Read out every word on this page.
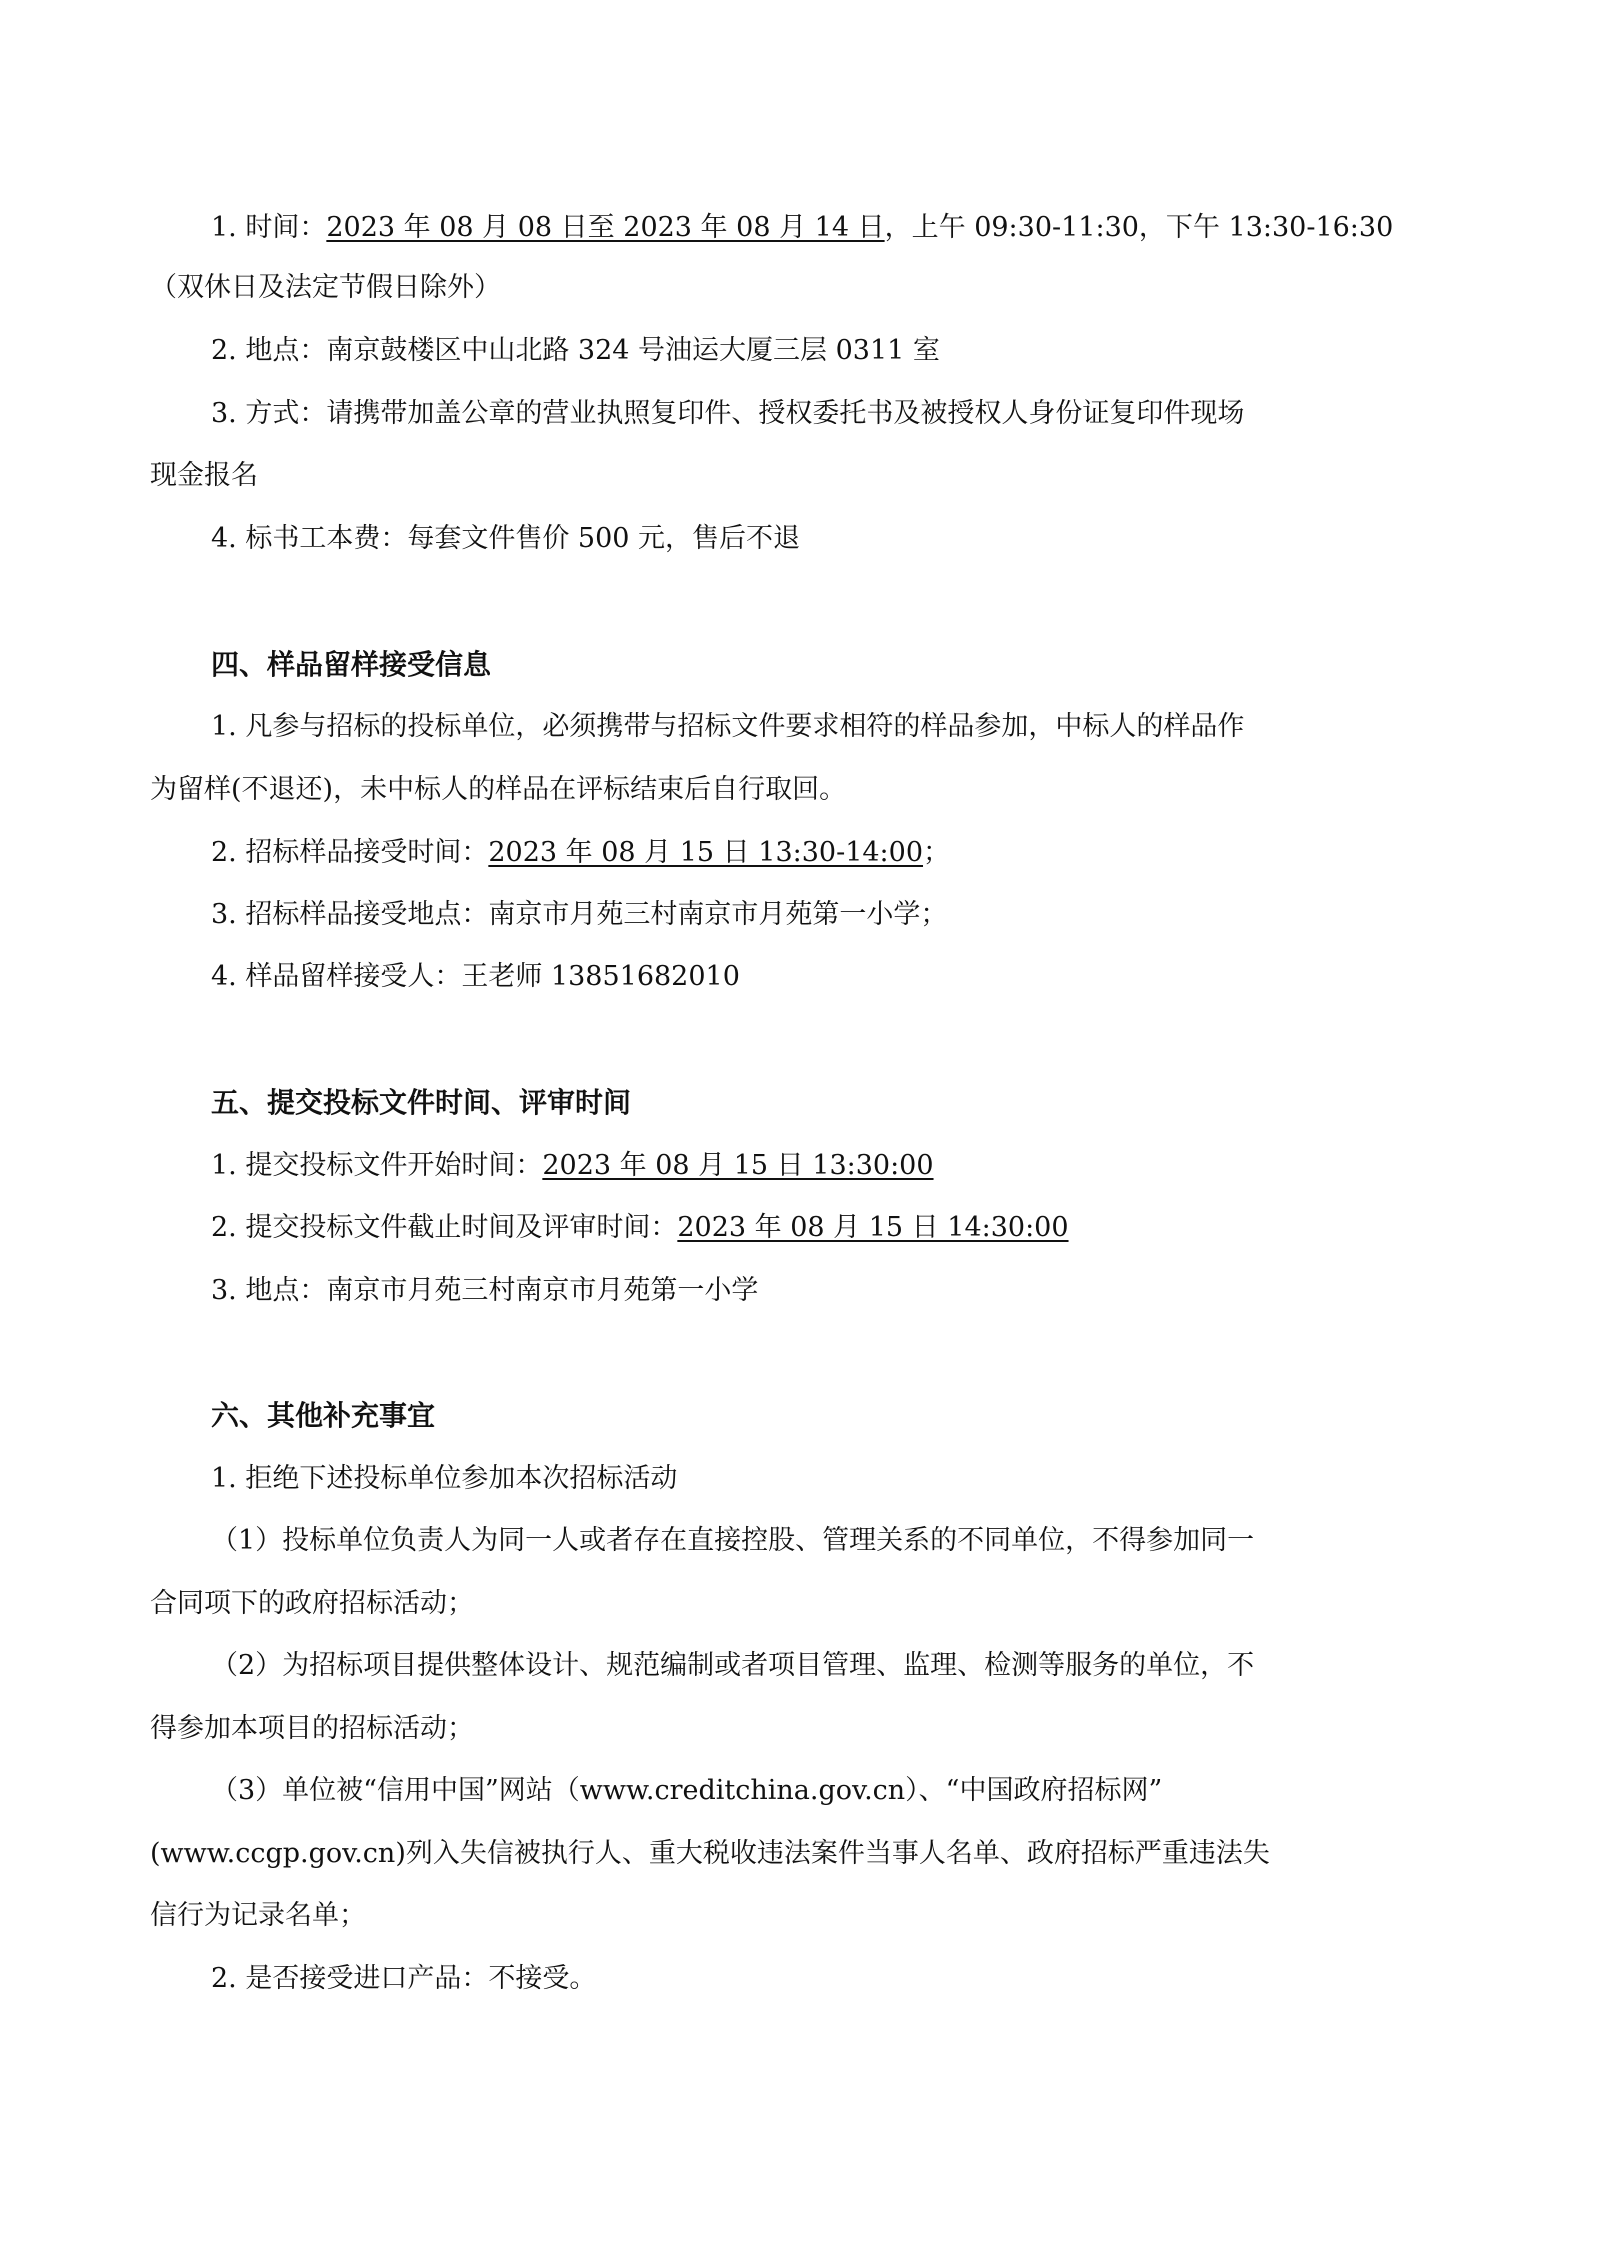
1. 时间：2023 年 08 月 08 日至 2023 年 08 月 14 日，上午 09:30-11:30，下午 13:30-16:30
（双休日及法定节假日除外）
2. 地点：南京鼓楼区中山北路 324 号油运大厦三层 0311 室
3. 方式：请携带加盖公章的营业执照复印件、授权委托书及被授权人身份证复印件现场
现金报名
4. 标书工本费：每套文件售价 500 元，售后不退
四、样品留样接受信息
1. 凡参与招标的投标单位，必须携带与招标文件要求相符的样品参加，中标人的样品作
为留样(不退还)，未中标人的样品在评标结束后自行取回。
2. 招标样品接受时间：2023 年 08 月 15 日 13:30-14:00；
3. 招标样品接受地点：南京市月苑三村南京市月苑第一小学；
4. 样品留样接受人：王老师 13851682010
五、提交投标文件时间、评审时间
1. 提交投标文件开始时间：2023 年 08 月 15 日 13:30:00
2. 提交投标文件截止时间及评审时间：2023 年 08 月 15 日 14:30:00
3. 地点：南京市月苑三村南京市月苑第一小学
六、其他补充事宜
1. 拒绝下述投标单位参加本次招标活动
（1）投标单位负责人为同一人或者存在直接控股、管理关系的不同单位，不得参加同一
合同项下的政府招标活动；
（2）为招标项目提供整体设计、规范编制或者项目管理、监理、检测等服务的单位，不
得参加本项目的招标活动；
（3）单位被“信用中国”网站（www.creditchina.gov.cn）、“中国政府招标网”
(www.ccgp.gov.cn)列入失信被执行人、重大税收违法案件当事人名单、政府招标严重违法失
信行为记录名单；
2. 是否接受进口产品：不接受。
